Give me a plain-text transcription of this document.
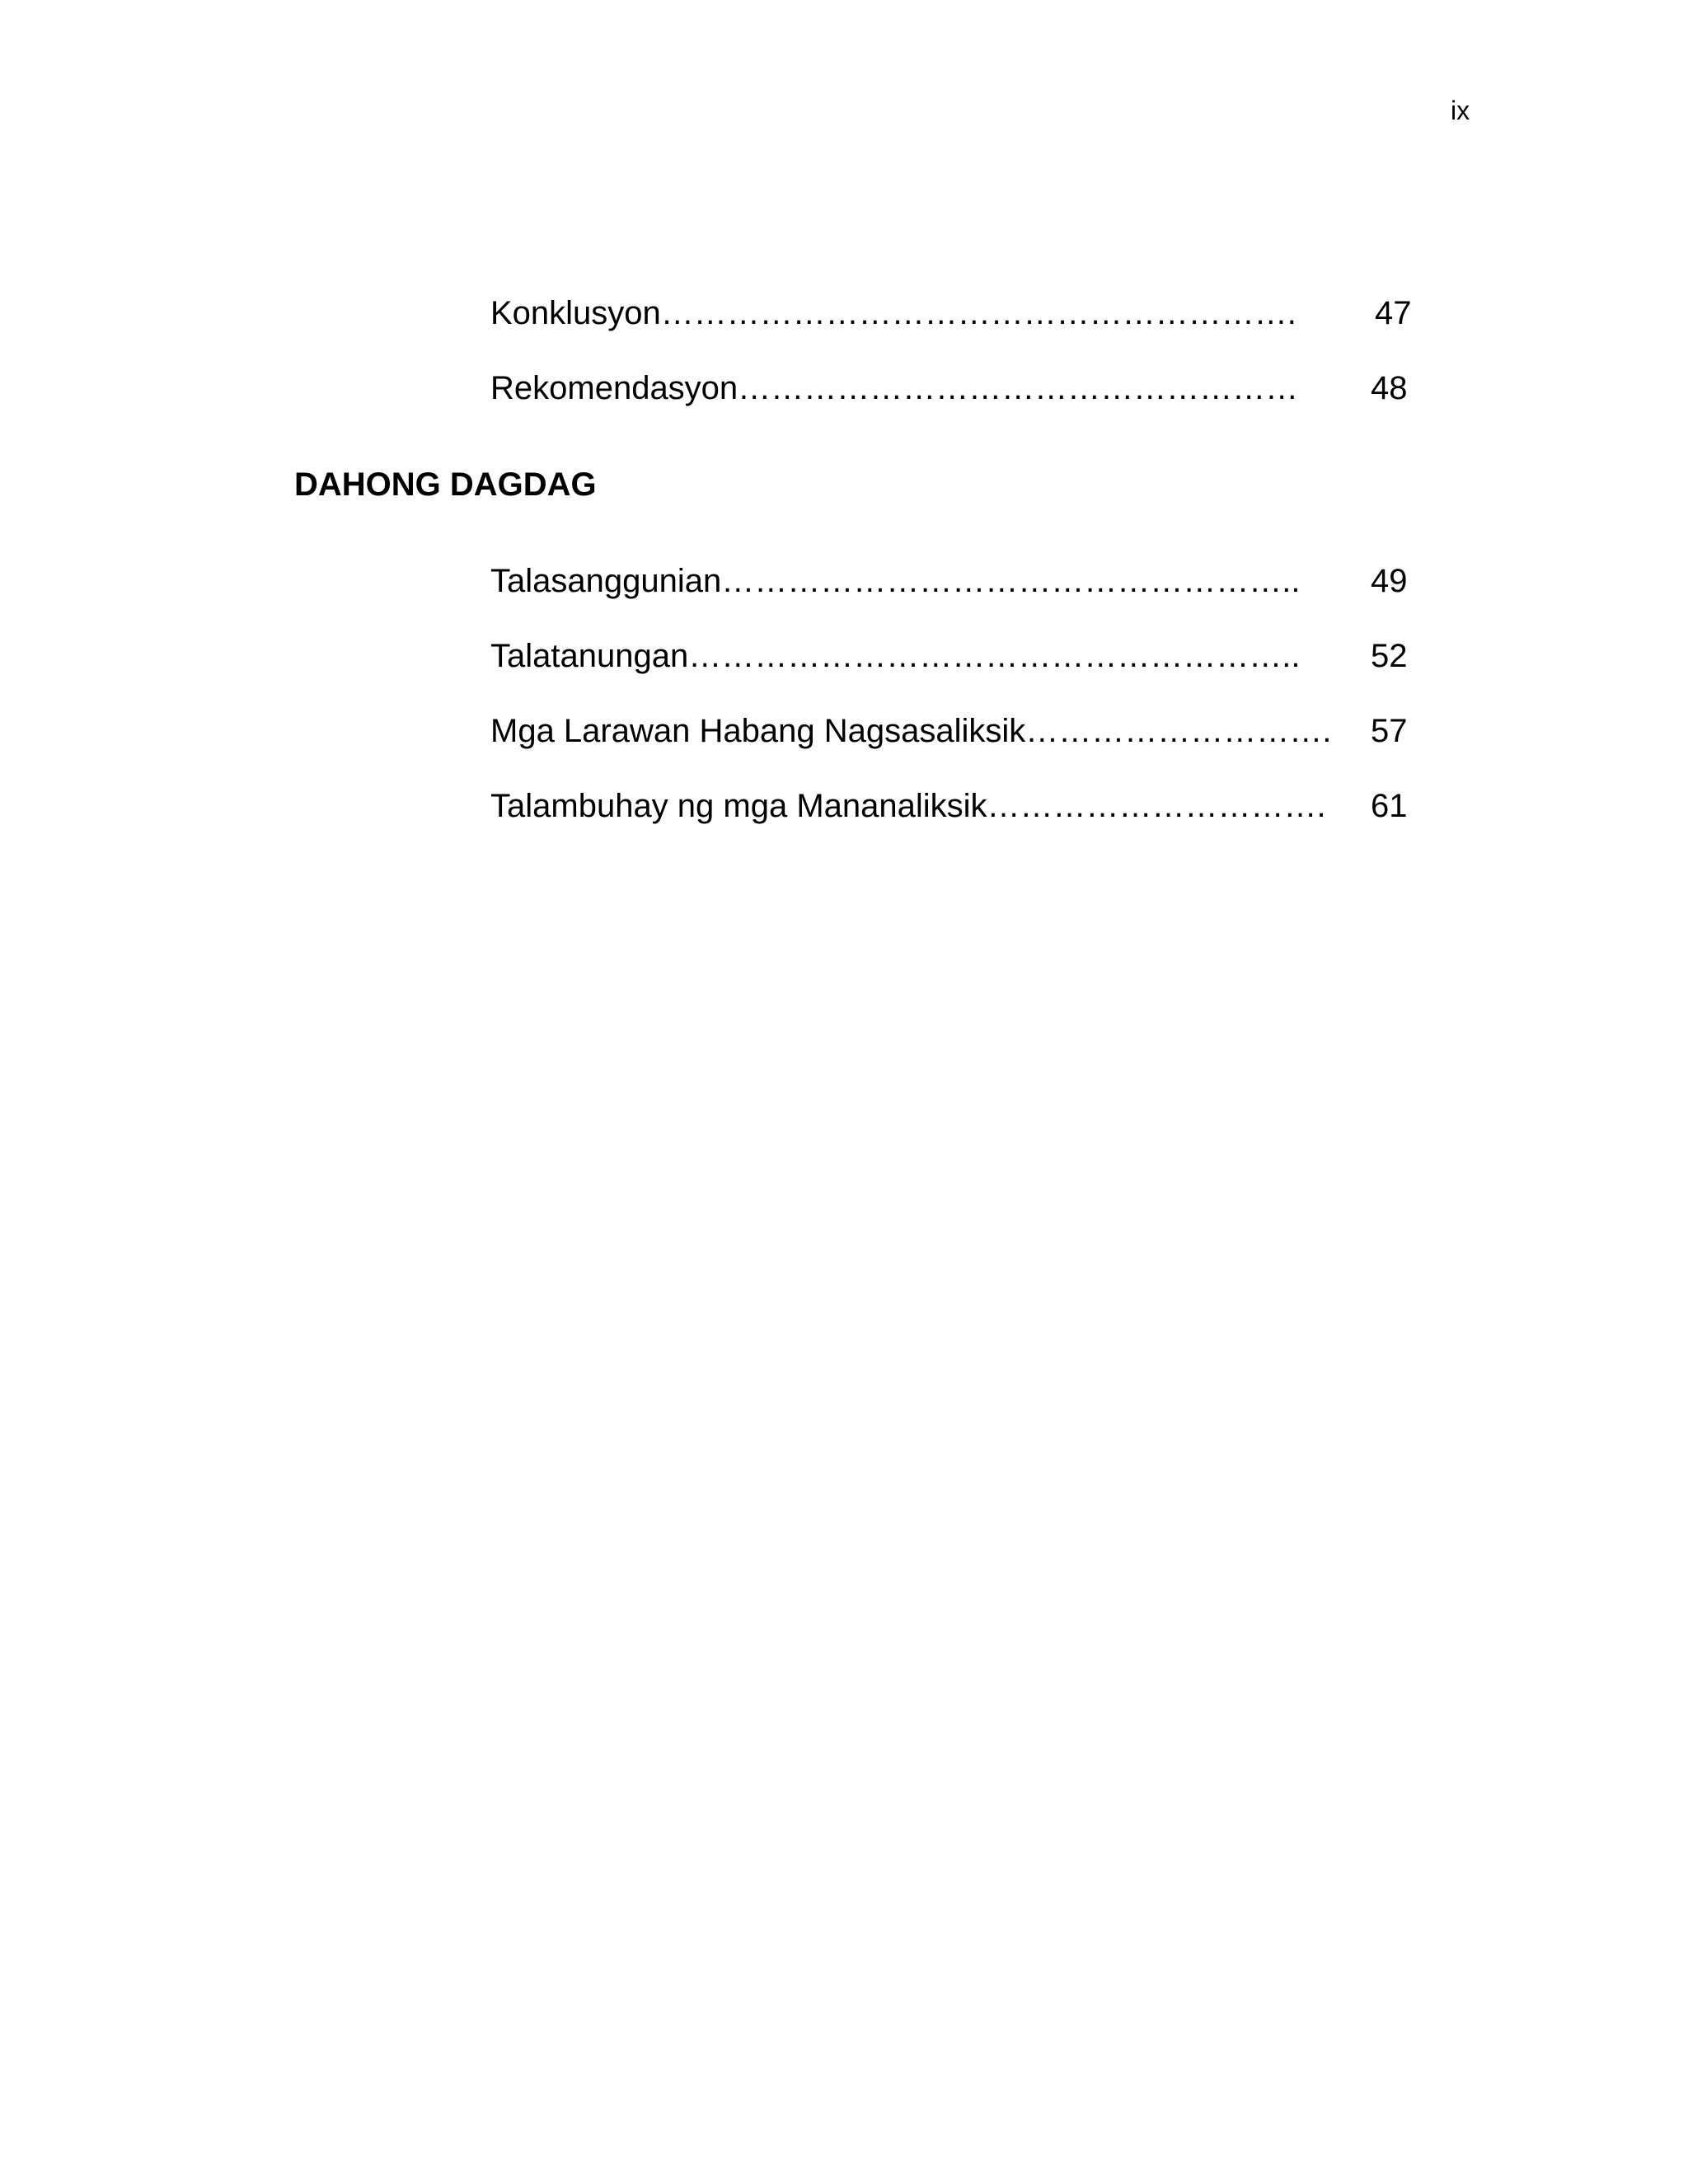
ix
Konklusyon…………………………………………………. 47
Rekomendasyon…………………………………………… 48
DAHONG DAGDAG
Talasanggunian…………………………………………….. 49
Talatanungan……………………………………………….. 52
Mga Larawan Habang Nagsasaliksik………………………. 57
Talambuhay ng mga Mananaliksik…………………………. 61
